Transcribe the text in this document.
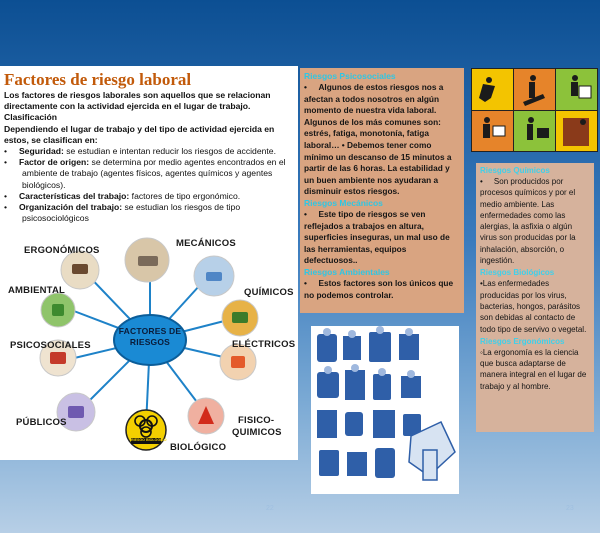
Factores de riesgo laboral

Los factores de riesgos laborales son aquellos que se relacionan directamente con la actividad ejercida en el lugar de trabajo.

Clasificación

Dependiendo el lugar de trabajo y del tipo de actividad ejercida en estos, se clasifican en:

•     Seguridad: se estudian e intentan reducir los riesgos de accidente.

•     Factor de origen: se determina por medio agentes encontrados en el ambiente de trabajo (agentes físicos, agentes químicos y agentes biológicos).

•     Características del trabajo: factores de tipo ergonómico.

•     Organización del trabajo: se estudian los riesgos de tipo psicosociológicos

FACTORES DE RIESGOS
ERGONÓMICOS
MECÁNICOS
AMBIENTAL	QUÍMICOS
PSICOSOCIALES	ELÉCTRICOS
PÚBLICOS	FISICO-
QUIMICOS
BIOLÓGICO
RIESGO BIOLÓGICO

Riesgos Psicosociales

•     Algunos de estos riesgos nos a afectan a todos nosotros en algún momento de nuestra vida laboral. Algunos de los más comunes son: estrés, fatiga, monotonía, fatiga laboral… • Debemos tener como mínimo un descanso de 15 minutos a partir de las 6 horas. La estabilidad y un buen ambiente nos ayudaran a disminuir estos riesgos.

Riesgos Mecánicos

•     Este tipo de riesgos se ven reflejados a trabajos en altura, superficies inseguras, un mal uso de las herramientas, equipos defectuosos..

Riesgos Ambientales

•     Estos factores son los únicos que no podemos controlar.

Riesgos Químicos

•     Son producidos por procesos químicos y por el medio ambiente. Las enfermedades como las alergias, la asfixia o algún virus son producidas por la inhalación, absorción, o ingestión.

Riesgos Biológicos

•Las enfermedades producidas por los virus, bacterias, hongos, parásitos son debidas al contacto de todo tipo de servivo o vegetal.

Riesgos Ergonómicos

◦La ergonomía es la ciencia que busca adaptarse de manera integral en el lugar de trabajo y al hombre.

22	23
